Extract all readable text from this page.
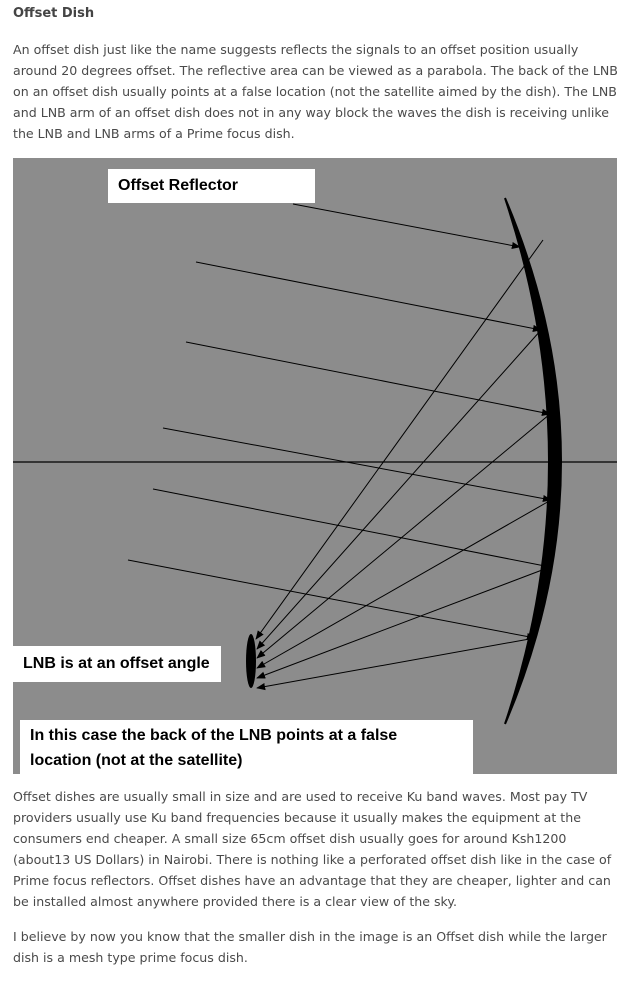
Offset Dish

An offset dish just like the name suggests reflects the signals to an offset position usually around 20 degrees offset. The reflective area can be viewed as a parabola. The back of the LNB on an offset dish usually points at a false location (not the satellite aimed by the dish). The LNB and LNB arm of an offset dish does not in any way block the waves the dish is receiving unlike the LNB and LNB arms of a Prime focus dish.

Offset Reflector
LNB is at an offset angle
In this case the back of the LNB points at a false
location (not at the satellite)

Offset dishes are usually small in size and are used to receive Ku band waves. Most pay TV providers usually use Ku band frequencies because it usually makes the equipment at the consumers end cheaper. A small size 65cm offset dish usually goes for around Ksh1200 (about13 US Dollars) in Nairobi. There is nothing like a perforated offset dish like in the case of Prime focus reflectors. Offset dishes have an advantage that they are cheaper, lighter and can be installed almost anywhere provided there is a clear view of the sky.

I believe by now you know that the smaller dish in the image is an Offset dish while the larger dish is a mesh type prime focus dish.
